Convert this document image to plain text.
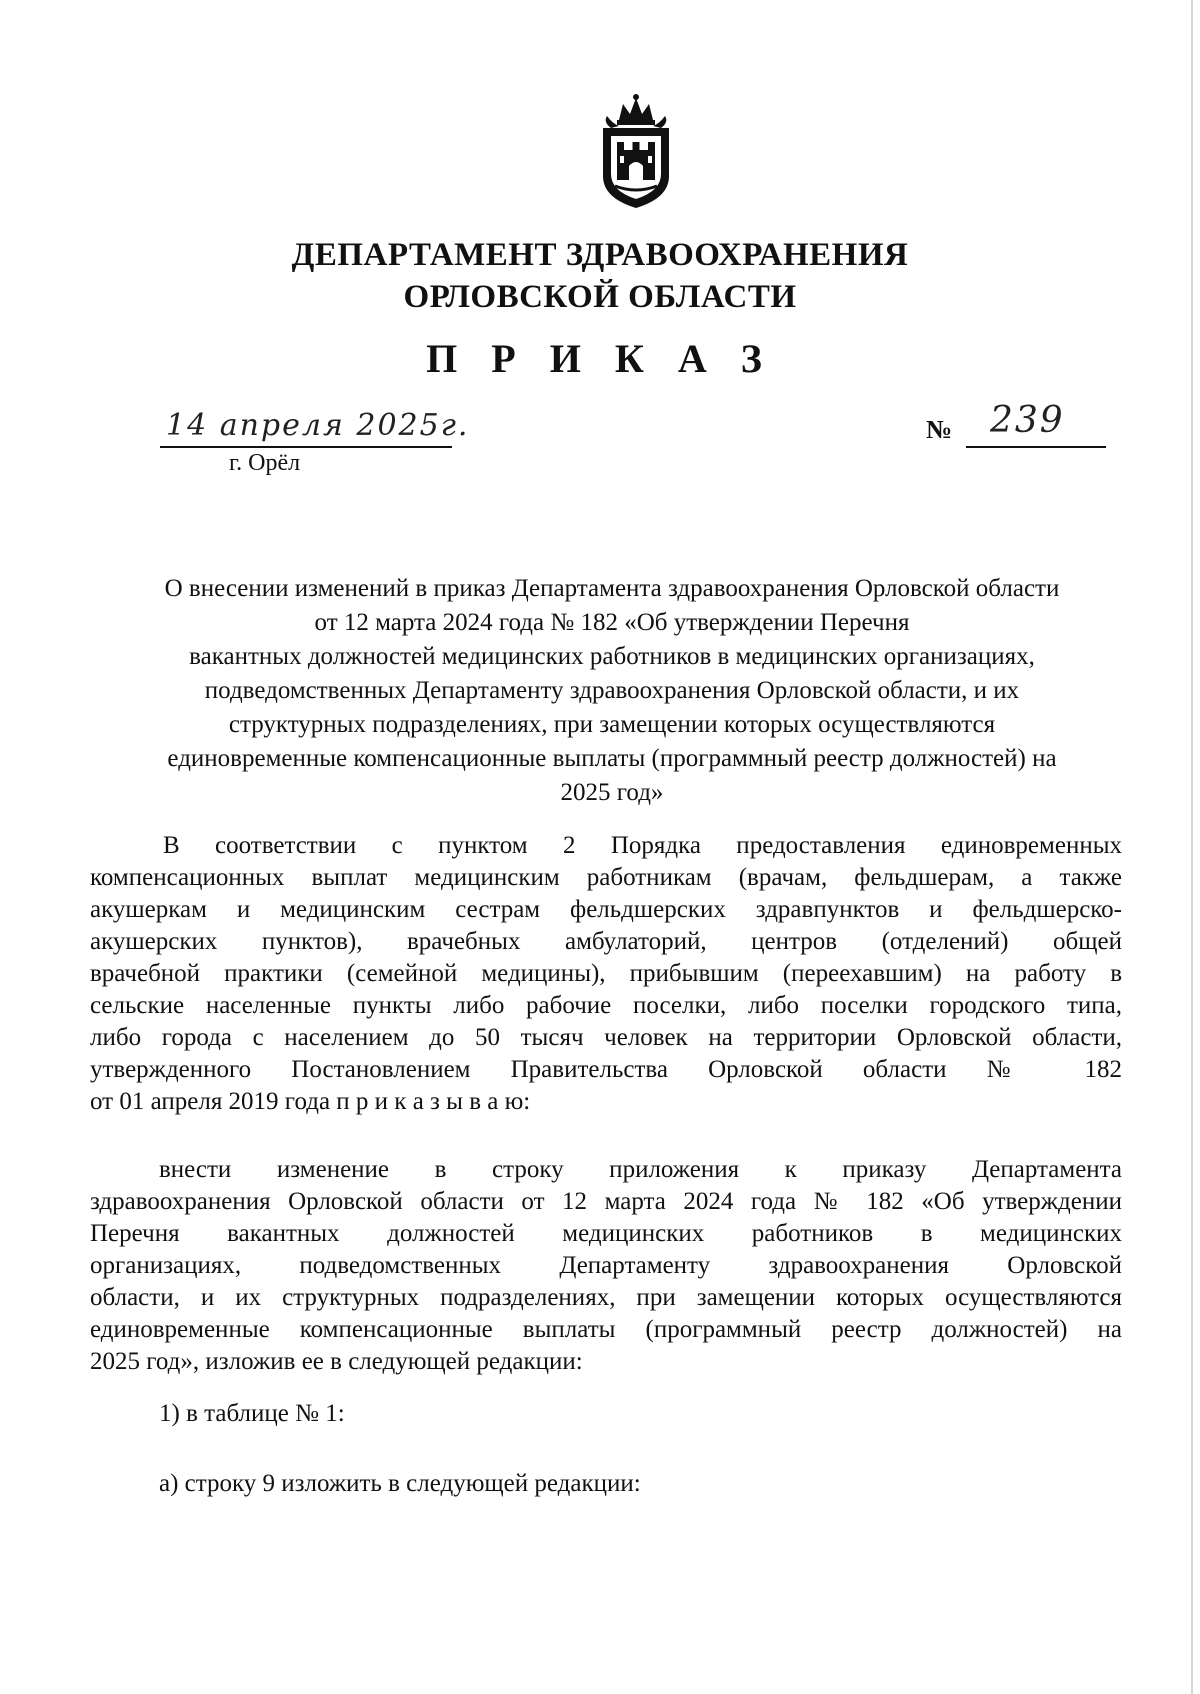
ДЕПАРТАМЕНТ ЗДРАВООХРАНЕНИЯ
ОРЛОВСКОЙ ОБЛАСТИ
П Р И К А З
14 апреля 2025г.
г. Орёл
№ 239
О внесении изменений в приказ Департамента здравоохранения Орловской области
от 12 марта 2024 года № 182 «Об утверждении Перечня
вакантных должностей медицинских работников в медицинских организациях,
подведомственных Департаменту здравоохранения Орловской области, и их
структурных подразделениях, при замещении которых осуществляются
единовременные компенсационные выплаты (программный реестр должностей) на
2025 год»
В соответствии с пунктом 2 Порядка предоставления единовременных
компенсационных выплат медицинским работникам (врачам, фельдшерам, а также
акушеркам и медицинским сестрам фельдшерских здравпунктов и фельдшерско-
акушерских пунктов), врачебных амбулаторий, центров (отделений) общей
врачебной практики (семейной медицины), прибывшим (переехавшим) на работу в
сельские населенные пункты либо рабочие поселки, либо поселки городского типа,
либо города с населением до 50 тысяч человек на территории Орловской области,
утвержденного Постановлением Правительства Орловской области № 182
от 01 апреля 2019 года п р и к а з ы в а ю:
внести изменение в строку приложения к приказу Департамента
здравоохранения Орловской области от 12 марта 2024 года № 182 «Об утверждении
Перечня вакантных должностей медицинских работников в медицинских
организациях, подведомственных Департаменту здравоохранения Орловской
области, и их структурных подразделениях, при замещении которых осуществляются
единовременные компенсационные выплаты (программный реестр должностей) на
2025 год», изложив ее в следующей редакции:
1) в таблице № 1:
а) строку 9 изложить в следующей редакции:
